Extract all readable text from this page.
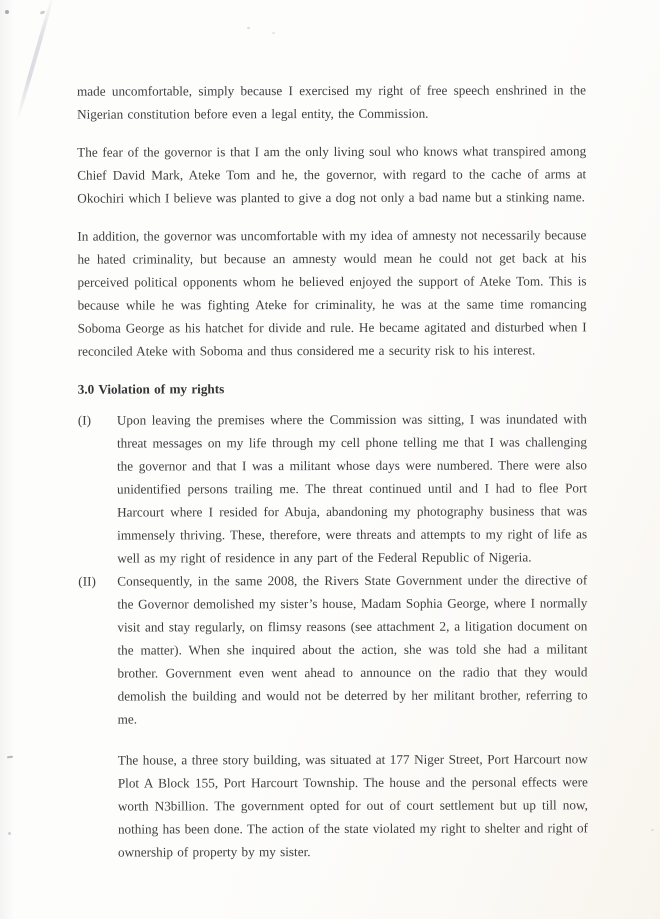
made uncomfortable, simply because I exercised my right of free speech enshrined in the Nigerian constitution before even a legal entity, the Commission.

The fear of the governor is that I am the only living soul who knows what transpired among Chief David Mark, Ateke Tom and he, the governor, with regard to the cache of arms at Okochiri which I believe was planted to give a dog not only a bad name but a stinking name.

In addition, the governor was uncomfortable with my idea of amnesty not necessarily because he hated criminality, but because an amnesty would mean he could not get back at his perceived political opponents whom he believed enjoyed the support of Ateke Tom. This is because while he was fighting Ateke for criminality, he was at the same time romancing Soboma George as his hatchet for divide and rule. He became agitated and disturbed when I reconciled Ateke with Soboma and thus considered me a security risk to his interest.

3.0 Violation of my rights
(I)	Upon leaving the premises where the Commission was sitting, I was inundated with threat messages on my life through my cell phone telling me that I was challenging the governor and that I was a militant whose days were numbered. There were also unidentified persons trailing me. The threat continued until and I had to flee Port Harcourt where I resided for Abuja, abandoning my photography business that was immensely thriving. These, therefore, were threats and attempts to my right of life as well as my right of residence in any part of the Federal Republic of Nigeria.

(II)	Consequently, in the same 2008, the Rivers State Government under the directive of the Governor demolished my sister’s house, Madam Sophia George, where I normally visit and stay regularly, on flimsy reasons (see attachment 2, a litigation document on the matter). When she inquired about the action, she was told she had a militant brother. Government even went ahead to announce on the radio that they would demolish the building and would not be deterred by her militant brother, referring to me.

The house, a three story building, was situated at 177 Niger Street, Port Harcourt now Plot A Block 155, Port Harcourt Township. The house and the personal effects were worth N3billion. The government opted for out of court settlement but up till now, nothing has been done. The action of the state violated my right to shelter and right of ownership of property by my sister.
